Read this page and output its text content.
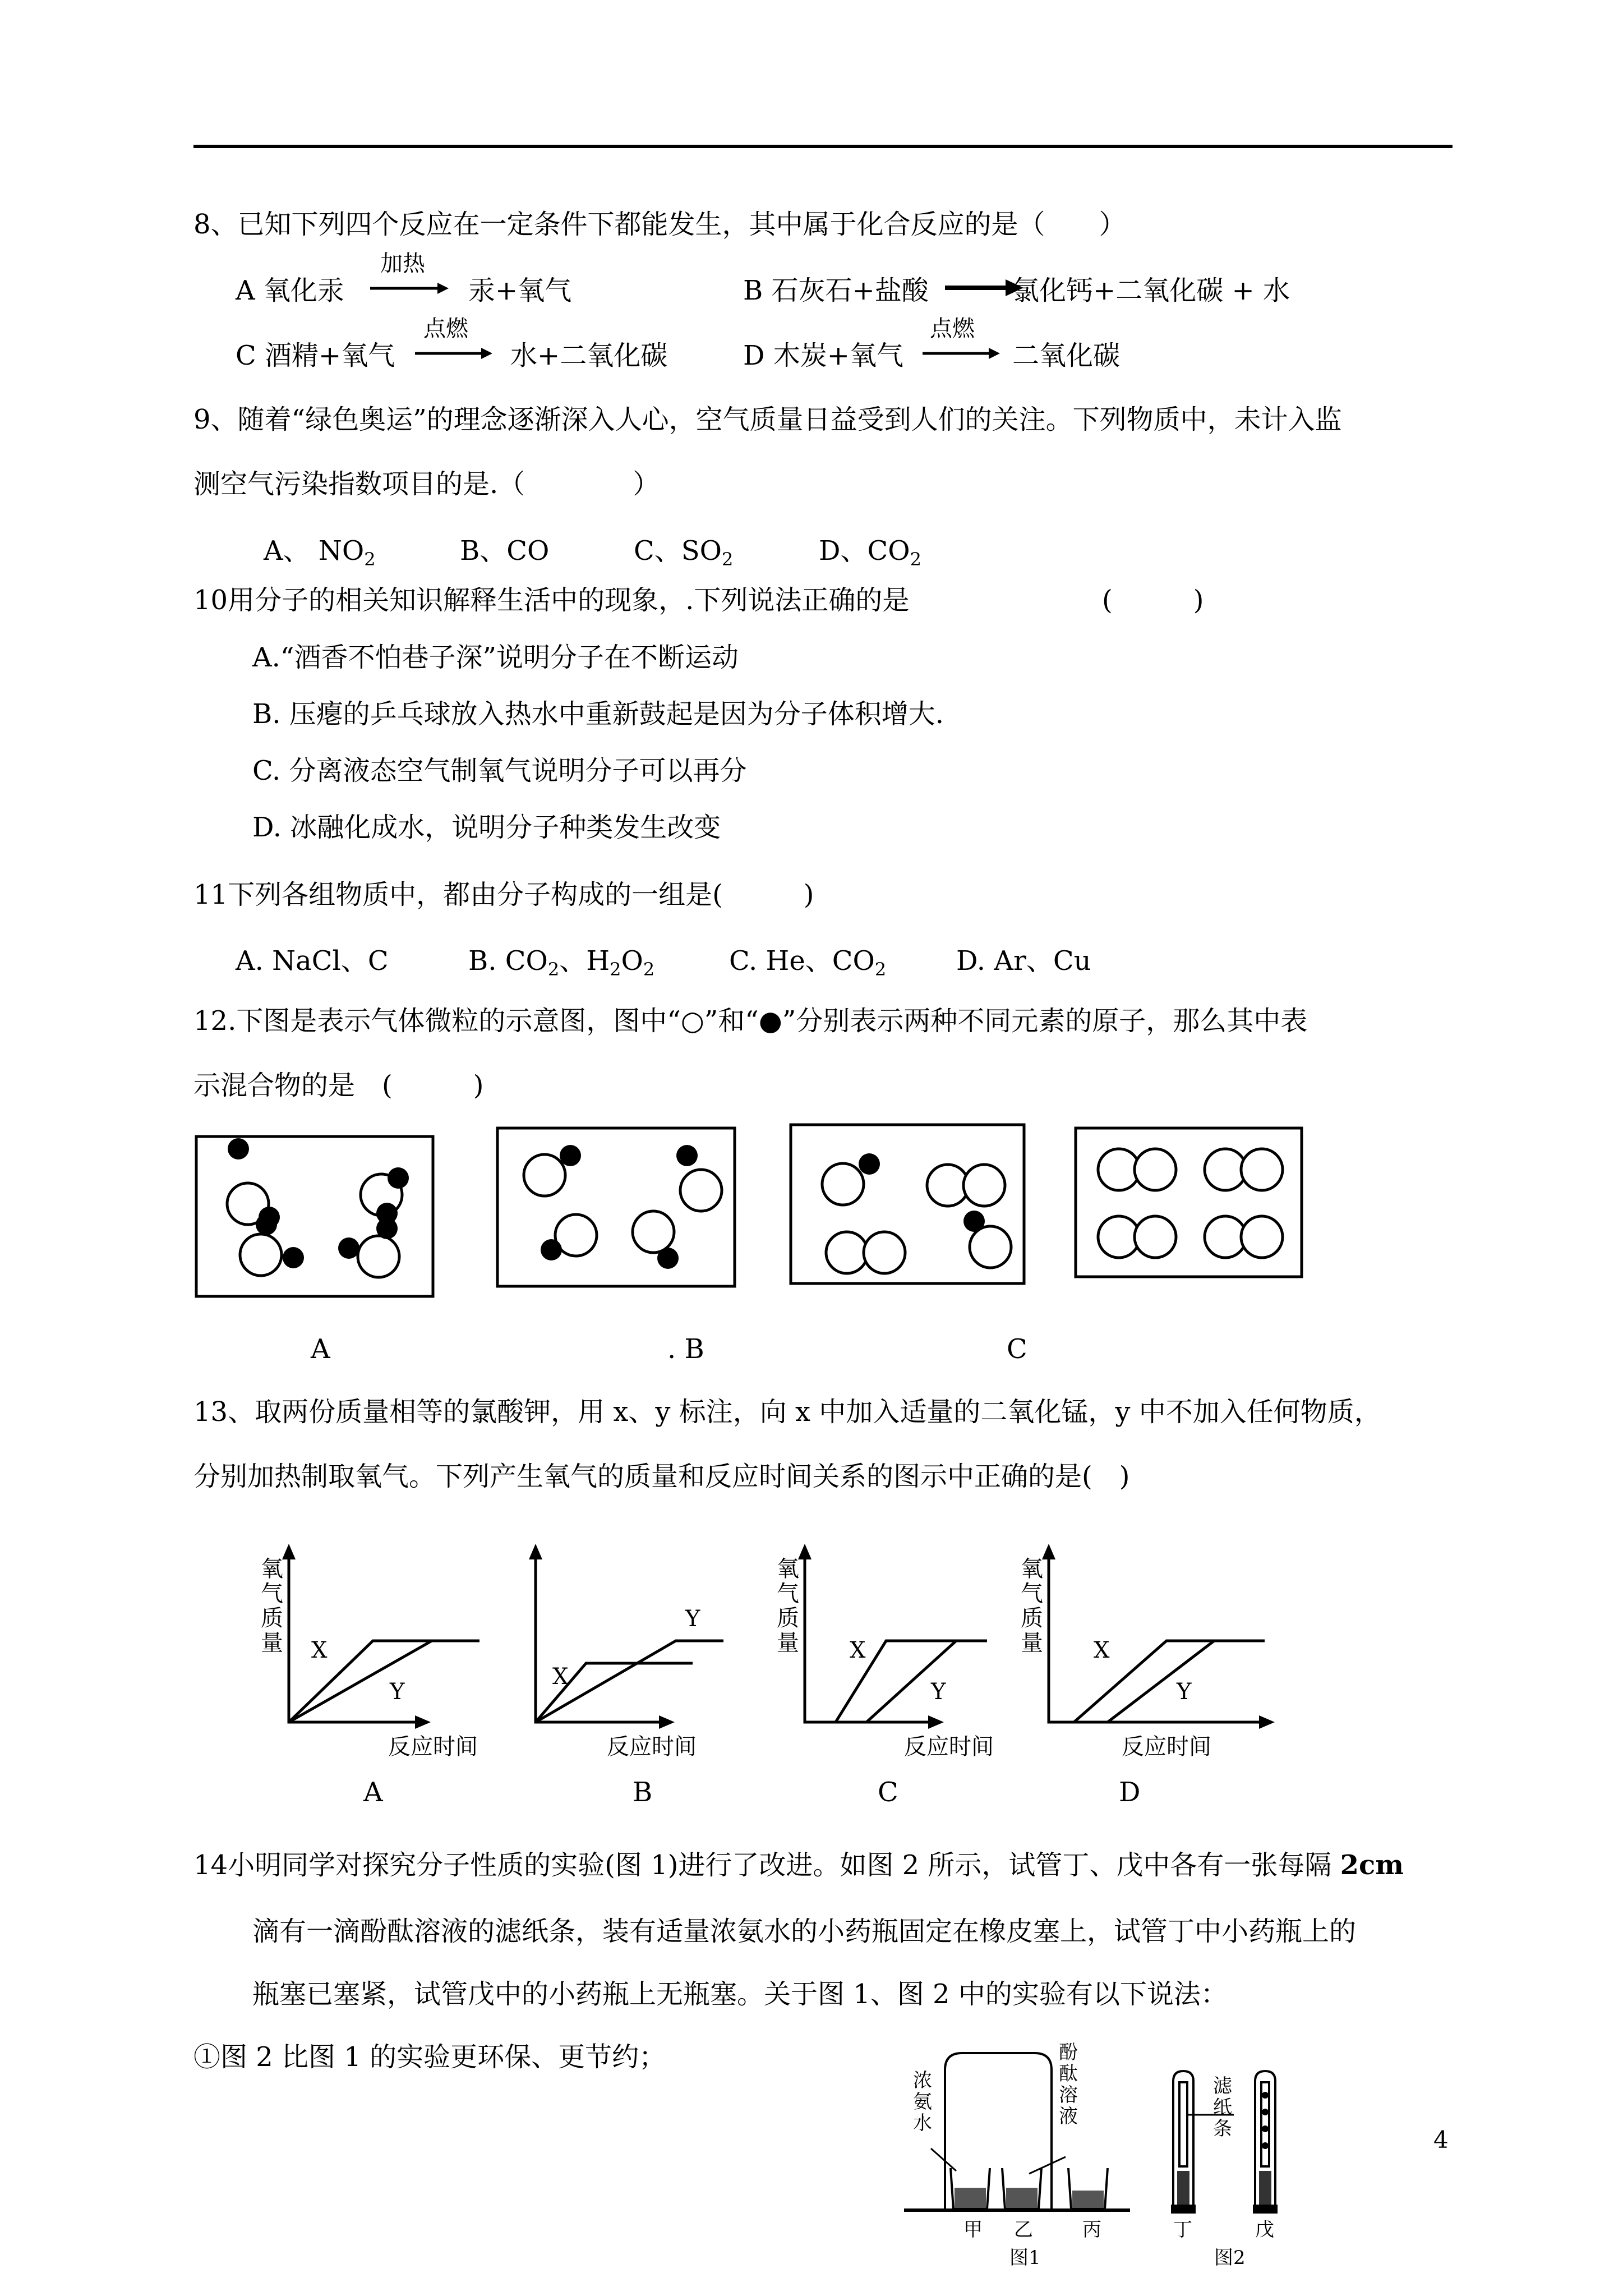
8、已知下列四个反应在一定条件下都能发生，其中属于化合反应的是（　　）
A 氧化汞
加热
汞+氧气	B 石灰石+盐酸	氯化钙+二氧化碳 + 水
C 酒精+氧气
点燃
水+二氧化碳	D 木炭+氧气
点燃
二氧化碳
9、随着“绿色奥运”的理念逐渐深入人心，空气质量日益受到人们的关注。下列物质中，未计入监
测空气污染指数项目的是.（　　　　）
A、 $NO_2$	B、CO	C、$SO_2$	D、$CO_2$
10用分子的相关知识解释生活中的现象，.下列说法正确的是	(　　　)
A.“酒香不怕巷子深”说明分子在不断运动
B. 压瘪的乒乓球放入热水中重新鼓起是因为分子体积增大.
C. 分离液态空气制氧气说明分子可以再分
D. 冰融化成水，说明分子种类发生改变
11下列各组物质中，都由分子构成的一组是(　　　)
A. NaCl、C	B. $CO_2$、$H_2O_2$	C. He、$CO_2$	D. Ar、Cu
12.下图是表示气体微粒的示意图，图中“○”和“●”分别表示两种不同元素的原子，那么其中表
示混合物的是　(　　　)
A	. B	C
13、取两份质量相等的氯酸钾，用 x、y 标注，向 x 中加入适量的二氧化锰，y 中不加入任何物质，
分别加热制取氧气。下列产生氧气的质量和反应时间关系的图示中正确的是(　)
氧
气
质
量 X
Y
反应时间
A
X
Y
反应时间
B
氧
气
质
量 X
Y
反应时间
C
氧
气
质
量 X
Y
反应时间
D
14小明同学对探究分子性质的实验(图 1)进行了改进。如图 2 所示，试管丁、戊中各有一张每隔 2cm
滴有一滴酚酞溶液的滤纸条，装有适量浓氨水的小药瓶固定在橡皮塞上，试管丁中小药瓶上的
瓶塞已塞紧，试管戊中的小药瓶上无瓶塞。关于图 1、图 2 中的实验有以下说法：
①图 2 比图 1 的实验更环保、更节约；
浓
氨
水
酚
酞
溶
液
滤
纸
条
甲 乙	丙	丁	戊
图1	图2
4
